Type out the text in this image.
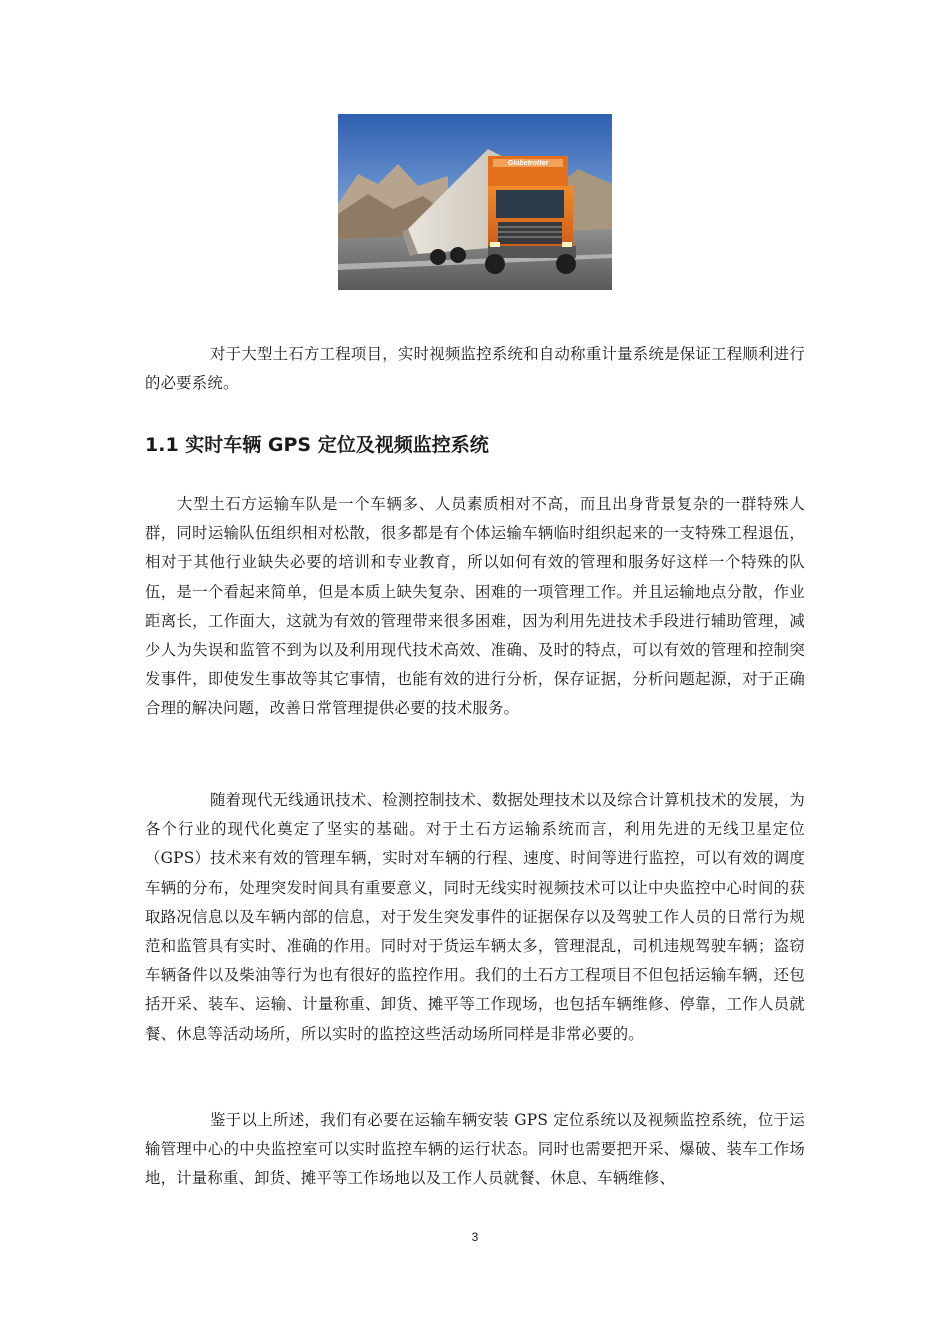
Globetrotter

对于大型土石方工程项目，实时视频监控系统和自动称重计量系统是保证工程顺利进行的必要系统。

1.1 实时车辆 GPS 定位及视频监控系统

大型土石方运输车队是一个车辆多、人员素质相对不高，而且出身背景复杂的一群特殊人群，同时运输队伍组织相对松散，很多都是有个体运输车辆临时组织起来的一支特殊工程退伍，相对于其他行业缺失必要的培训和专业教育，所以如何有效的管理和服务好这样一个特殊的队伍，是一个看起来简单，但是本质上缺失复杂、困难的一项管理工作。并且运输地点分散，作业距离长，工作面大，这就为有效的管理带来很多困难，因为利用先进技术手段进行辅助管理，减少人为失误和监管不到为以及利用现代技术高效、准确、及时的特点，可以有效的管理和控制突发事件，即使发生事故等其它事情，也能有效的进行分析，保存证据，分析问题起源，对于正确合理的解决问题，改善日常管理提供必要的技术服务。

随着现代无线通讯技术、检测控制技术、数据处理技术以及综合计算机技术的发展，为各个行业的现代化奠定了坚实的基础。对于土石方运输系统而言，利用先进的无线卫星定位（GPS）技术来有效的管理车辆，实时对车辆的行程、速度、时间等进行监控，可以有效的调度车辆的分布，处理突发时间具有重要意义，同时无线实时视频技术可以让中央监控中心时间的获取路况信息以及车辆内部的信息，对于发生突发事件的证据保存以及驾驶工作人员的日常行为规范和监管具有实时、准确的作用。同时对于货运车辆太多，管理混乱，司机违规驾驶车辆；盗窃车辆备件以及柴油等行为也有很好的监控作用。我们的土石方工程项目不但包括运输车辆，还包括开采、装车、运输、计量称重、卸货、摊平等工作现场，也包括车辆维修、停靠，工作人员就餐、休息等活动场所，所以实时的监控这些活动场所同样是非常必要的。

鉴于以上所述，我们有必要在运输车辆安装 GPS 定位系统以及视频监控系统，位于运输管理中心的中央监控室可以实时监控车辆的运行状态。同时也需要把开采、爆破、装车工作场地，计量称重、卸货、摊平等工作场地以及工作人员就餐、休息、车辆维修、

3
